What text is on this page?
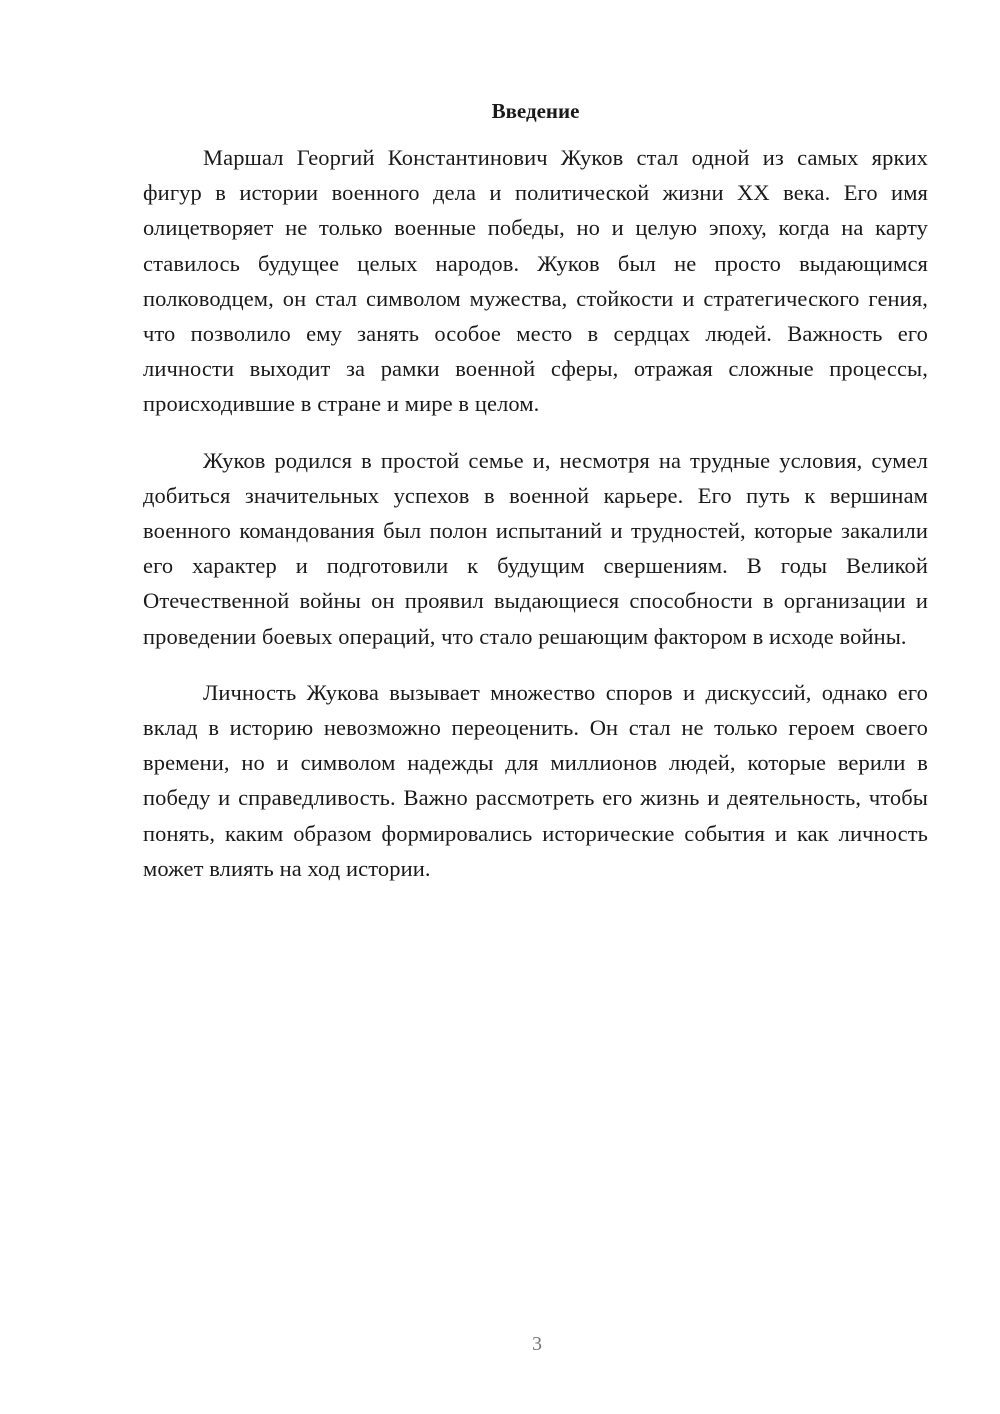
Введение

Маршал Георгий Константинович Жуков стал одной из самых ярких фигур в истории военного дела и политической жизни XX века. Его имя олицетворяет не только военные победы, но и целую эпоху, когда на карту ставилось будущее целых народов. Жуков был не просто выдающимся полководцем, он стал символом мужества, стойкости и стратегического гения, что позволило ему занять особое место в сердцах людей. Важность его личности выходит за рамки военной сферы, отражая сложные процессы, происходившие в стране и мире в целом.

Жуков родился в простой семье и, несмотря на трудные условия, сумел добиться значительных успехов в военной карьере. Его путь к вершинам военного командования был полон испытаний и трудностей, которые закалили его характер и подготовили к будущим свершениям. В годы Великой Отечественной войны он проявил выдающиеся способности в организации и проведении боевых операций, что стало решающим фактором в исходе войны.

Личность Жукова вызывает множество споров и дискуссий, однако его вклад в историю невозможно переоценить. Он стал не только героем своего времени, но и символом надежды для миллионов людей, которые верили в победу и справедливость. Важно рассмотреть его жизнь и деятельность, чтобы понять, каким образом формировались исторические события и как личность может влиять на ход истории.

3
